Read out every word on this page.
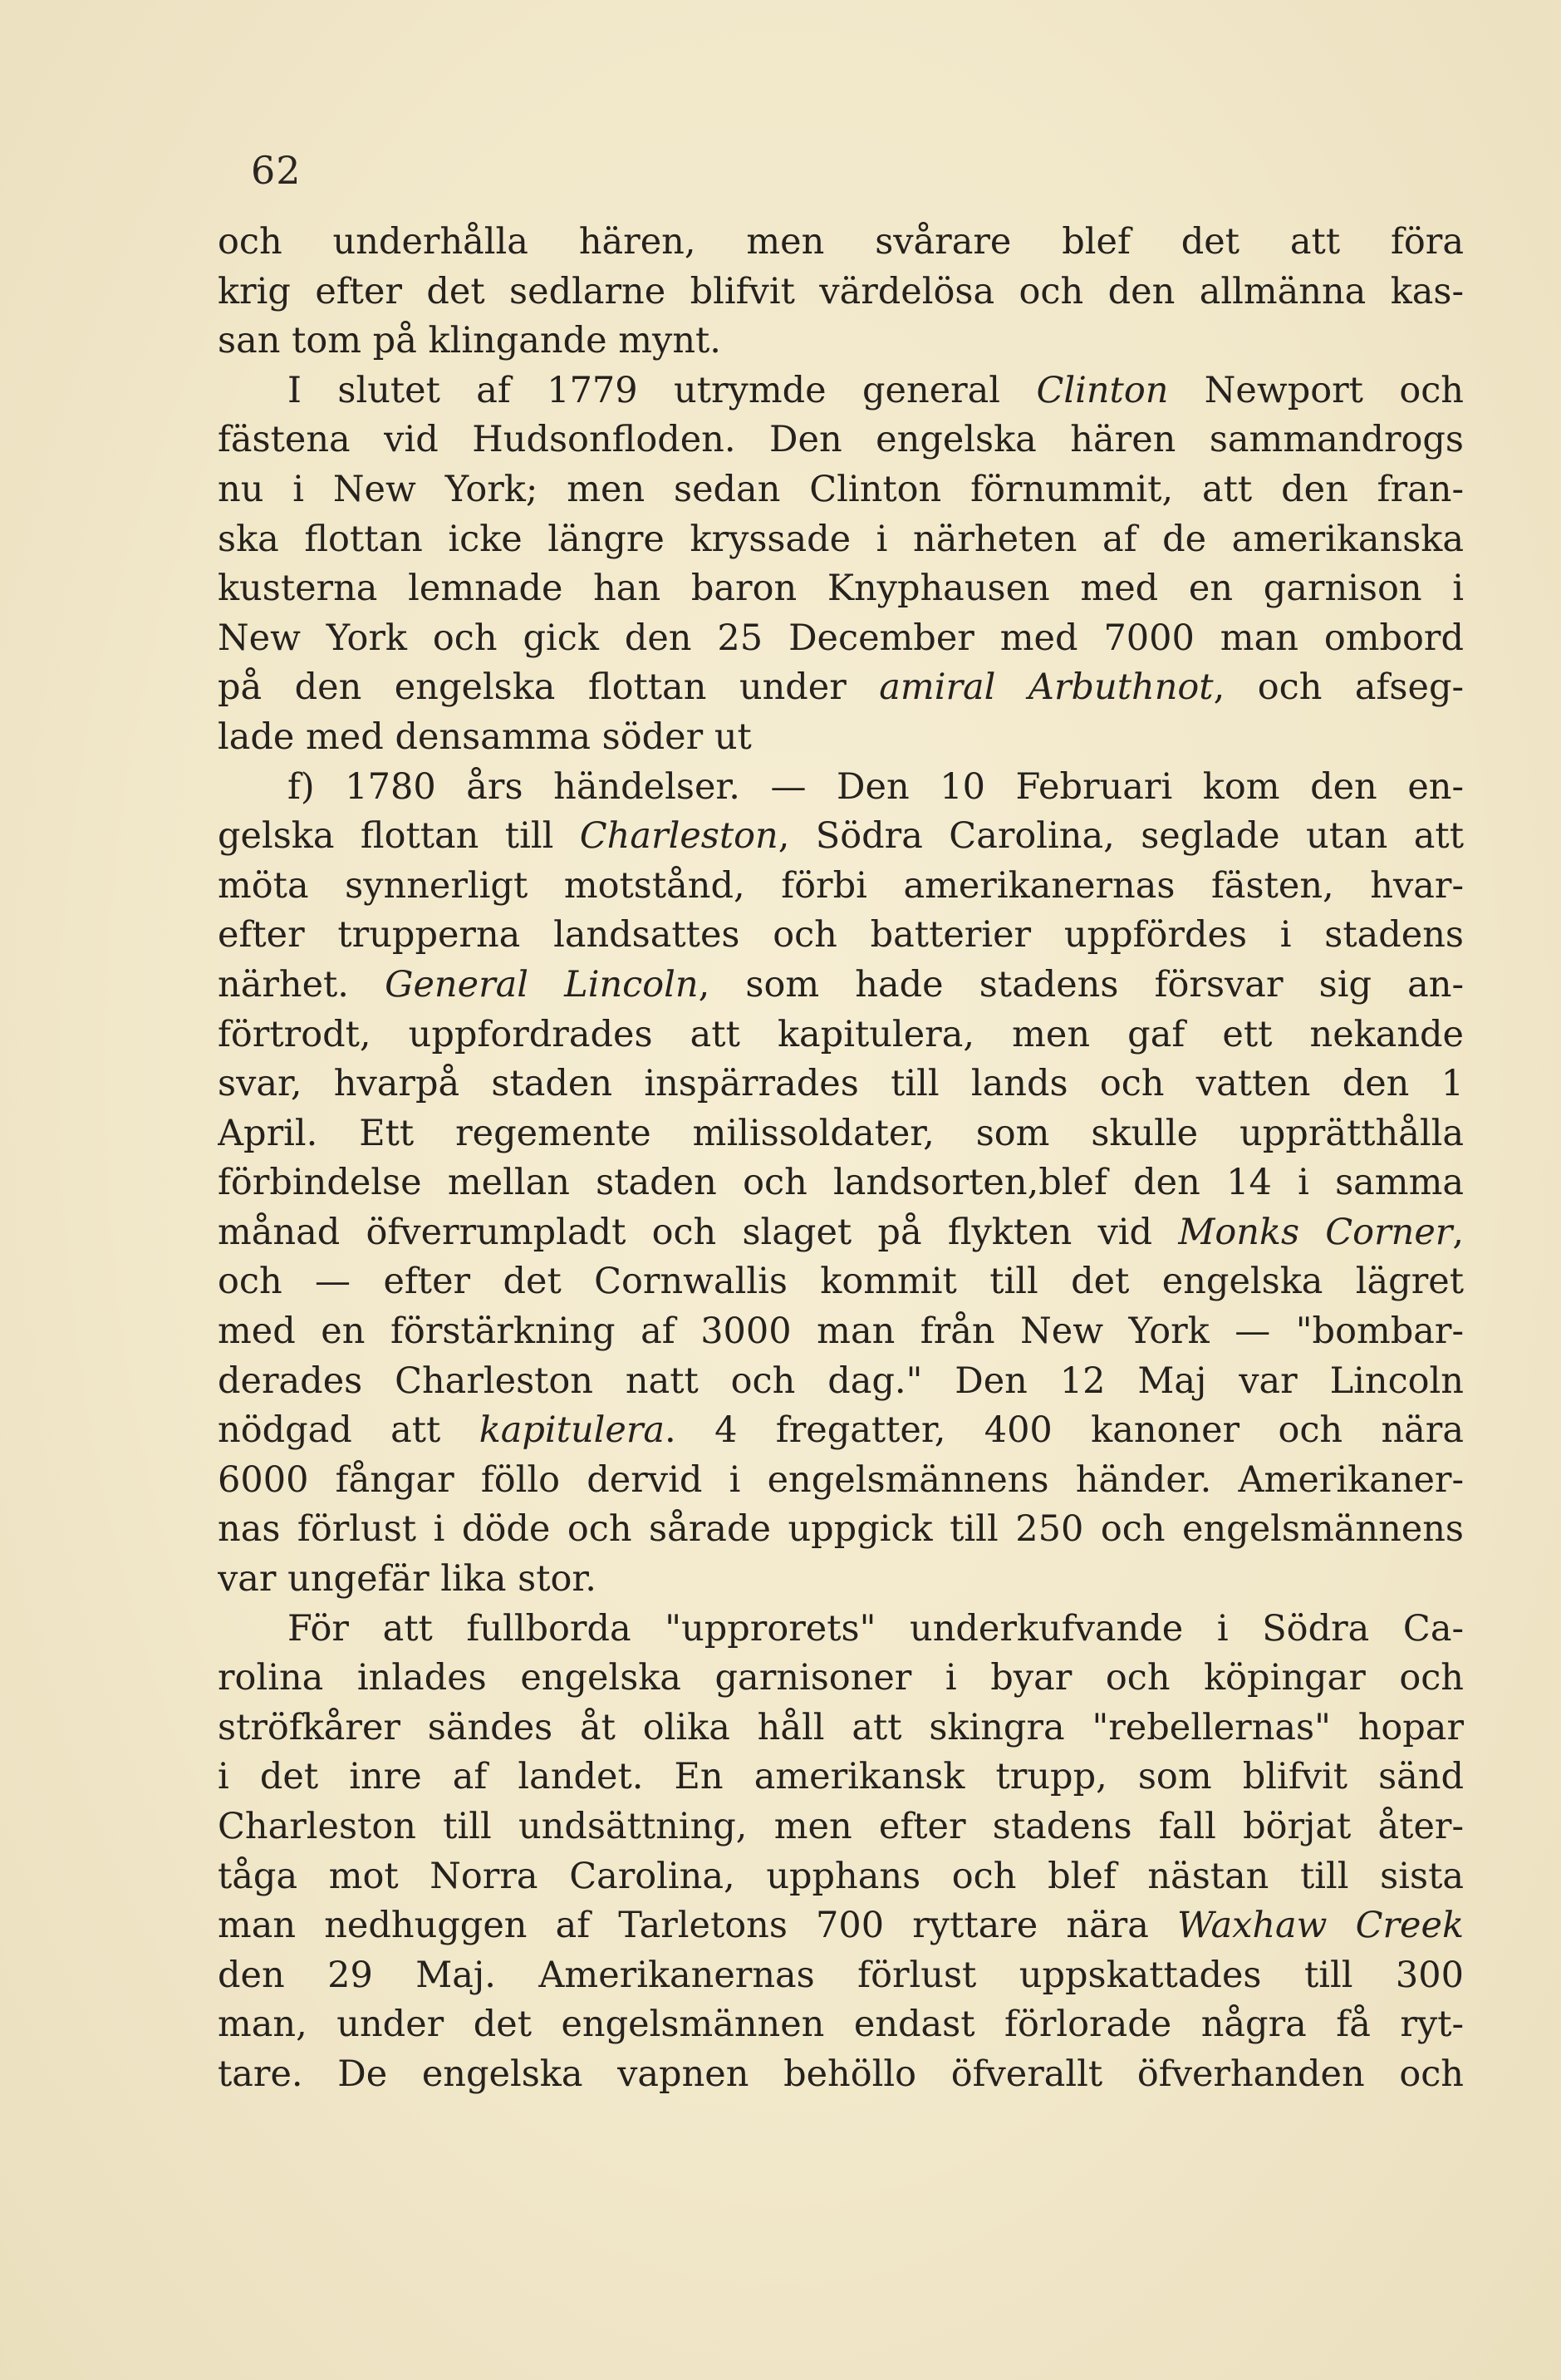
62
och underhålla hären, men svårare blef det att föra
krig efter det sedlarne blifvit värdelösa och den allmänna kas-
san tom på klingande mynt.
I slutet af 1779 utrymde general Clinton Newport och
fästena vid Hudsonfloden. Den engelska hären sammandrogs
nu i New York; men sedan Clinton förnummit, att den fran-
ska flottan icke längre kryssade i närheten af de amerikanska
kusterna lemnade han baron Knyphausen med en garnison i
New York och gick den 25 December med 7000 man ombord
på den engelska flottan under amiral Arbuthnot, och afseg-
lade med densamma söder ut
f) 1780 års händelser. — Den 10 Februari kom den en-
gelska flottan till Charleston, Södra Carolina, seglade utan att
möta synnerligt motstånd, förbi amerikanernas fästen, hvar-
efter trupperna landsattes och batterier uppfördes i stadens
närhet. General Lincoln, som hade stadens försvar sig an-
förtrodt, uppfordrades att kapitulera, men gaf ett nekande
svar, hvarpå staden inspärrades till lands och vatten den 1
April. Ett regemente milissoldater, som skulle upprätthålla
förbindelse mellan staden och landsorten,blef den 14 i samma
månad öfverrumpladt och slaget på flykten vid Monks Corner,
och — efter det Cornwallis kommit till det engelska lägret
med en förstärkning af 3000 man från New York — "bombar-
derades Charleston natt och dag." Den 12 Maj var Lincoln
nödgad att kapitulera. 4 fregatter, 400 kanoner och nära
6000 fångar föllo dervid i engelsmännens händer. Amerikaner-
nas förlust i döde och sårade uppgick till 250 och engelsmännens
var ungefär lika stor.
För att fullborda "upprorets" underkufvande i Södra Ca-
rolina inlades engelska garnisoner i byar och köpingar och
ströfkårer sändes åt olika håll att skingra "rebellernas" hopar
i det inre af landet. En amerikansk trupp, som blifvit sänd
Charleston till undsättning, men efter stadens fall börjat åter-
tåga mot Norra Carolina, upphans och blef nästan till sista
man nedhuggen af Tarletons 700 ryttare nära Waxhaw Creek
den 29 Maj. Amerikanernas förlust uppskattades till 300
man, under det engelsmännen endast förlorade några få ryt-
tare. De engelska vapnen behöllo öfverallt öfverhanden och
